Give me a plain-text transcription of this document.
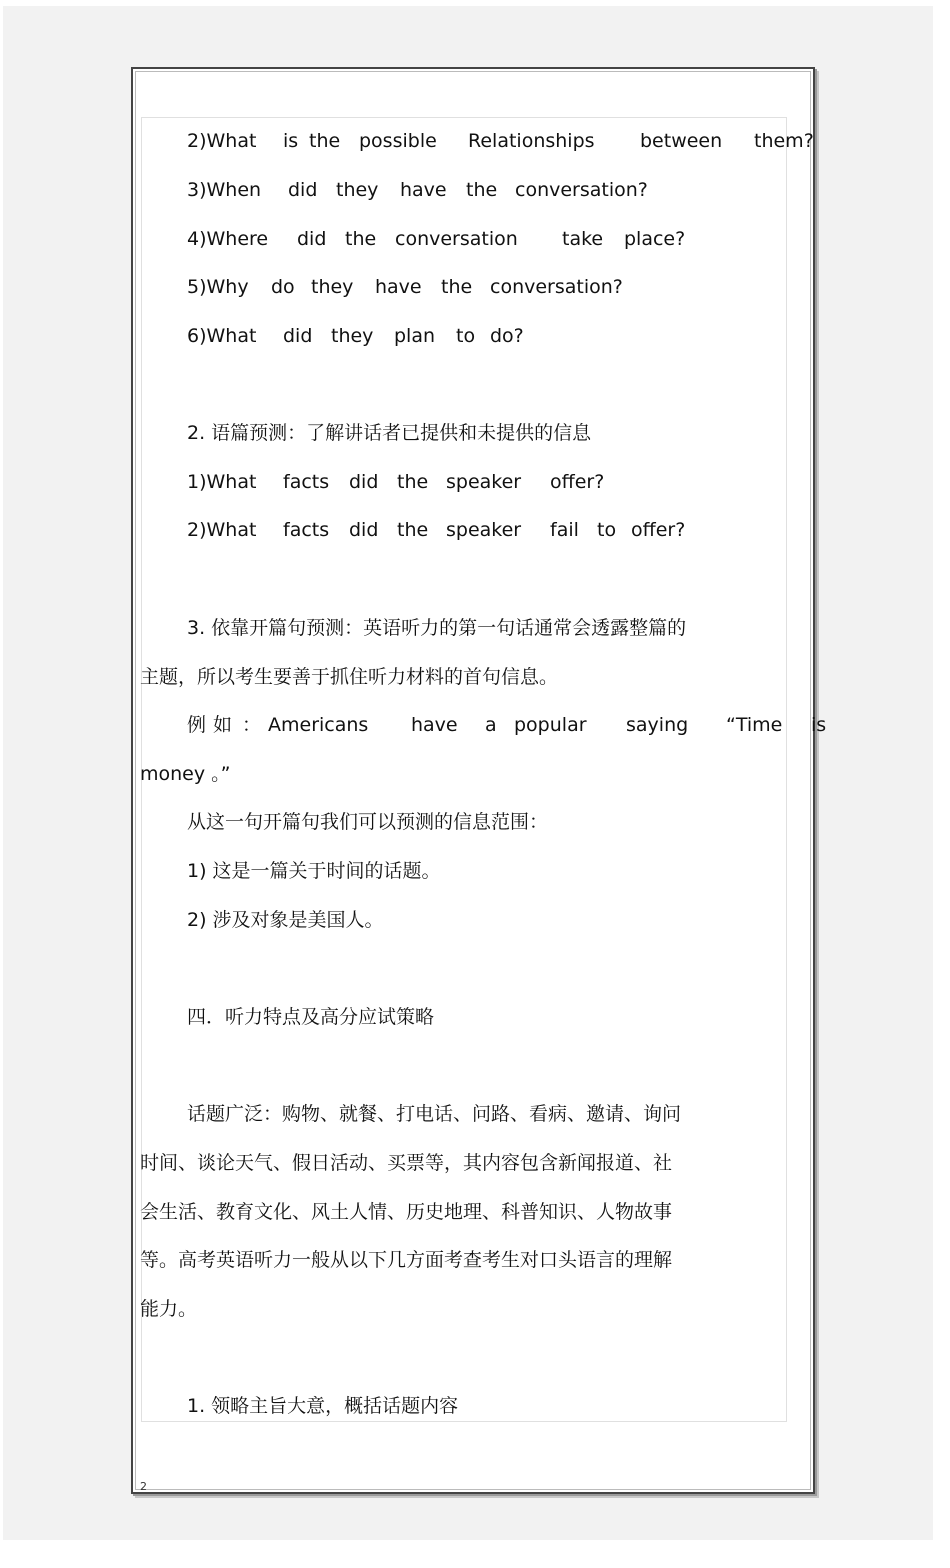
2)What is the possible Relationships between them?
3)When did they have the conversation?
4)Where did the conversation take place?
5)Why do they have the conversation?
6)What did they plan to do?
2. 语篇预测：了解讲话者已提供和未提供的信息
1)What facts did the speaker offer?
2)What facts did the speaker fail to offer?
3. 依靠开篇句预测：英语听力的第一句话通常会透露整篇的
主题，所以考生要善于抓住听力材料的首句信息。
例 如 ： Americans have a popular saying “Time is
money 。”
从这一句开篇句我们可以预测的信息范围：
1) 这是一篇关于时间的话题。
2) 涉及对象是美国人。
四．听力特点及高分应试策略
话题广泛：购物、就餐、打电话、问路、看病、邀请、询问
时间、谈论天气、假日活动、买票等，其内容包含新闻报道、社
会生活、教育文化、风土人情、历史地理、科普知识、人物故事
等。高考英语听力一般从以下几方面考查考生对口头语言的理解
能力。
1. 领略主旨大意，概括话题内容
2
